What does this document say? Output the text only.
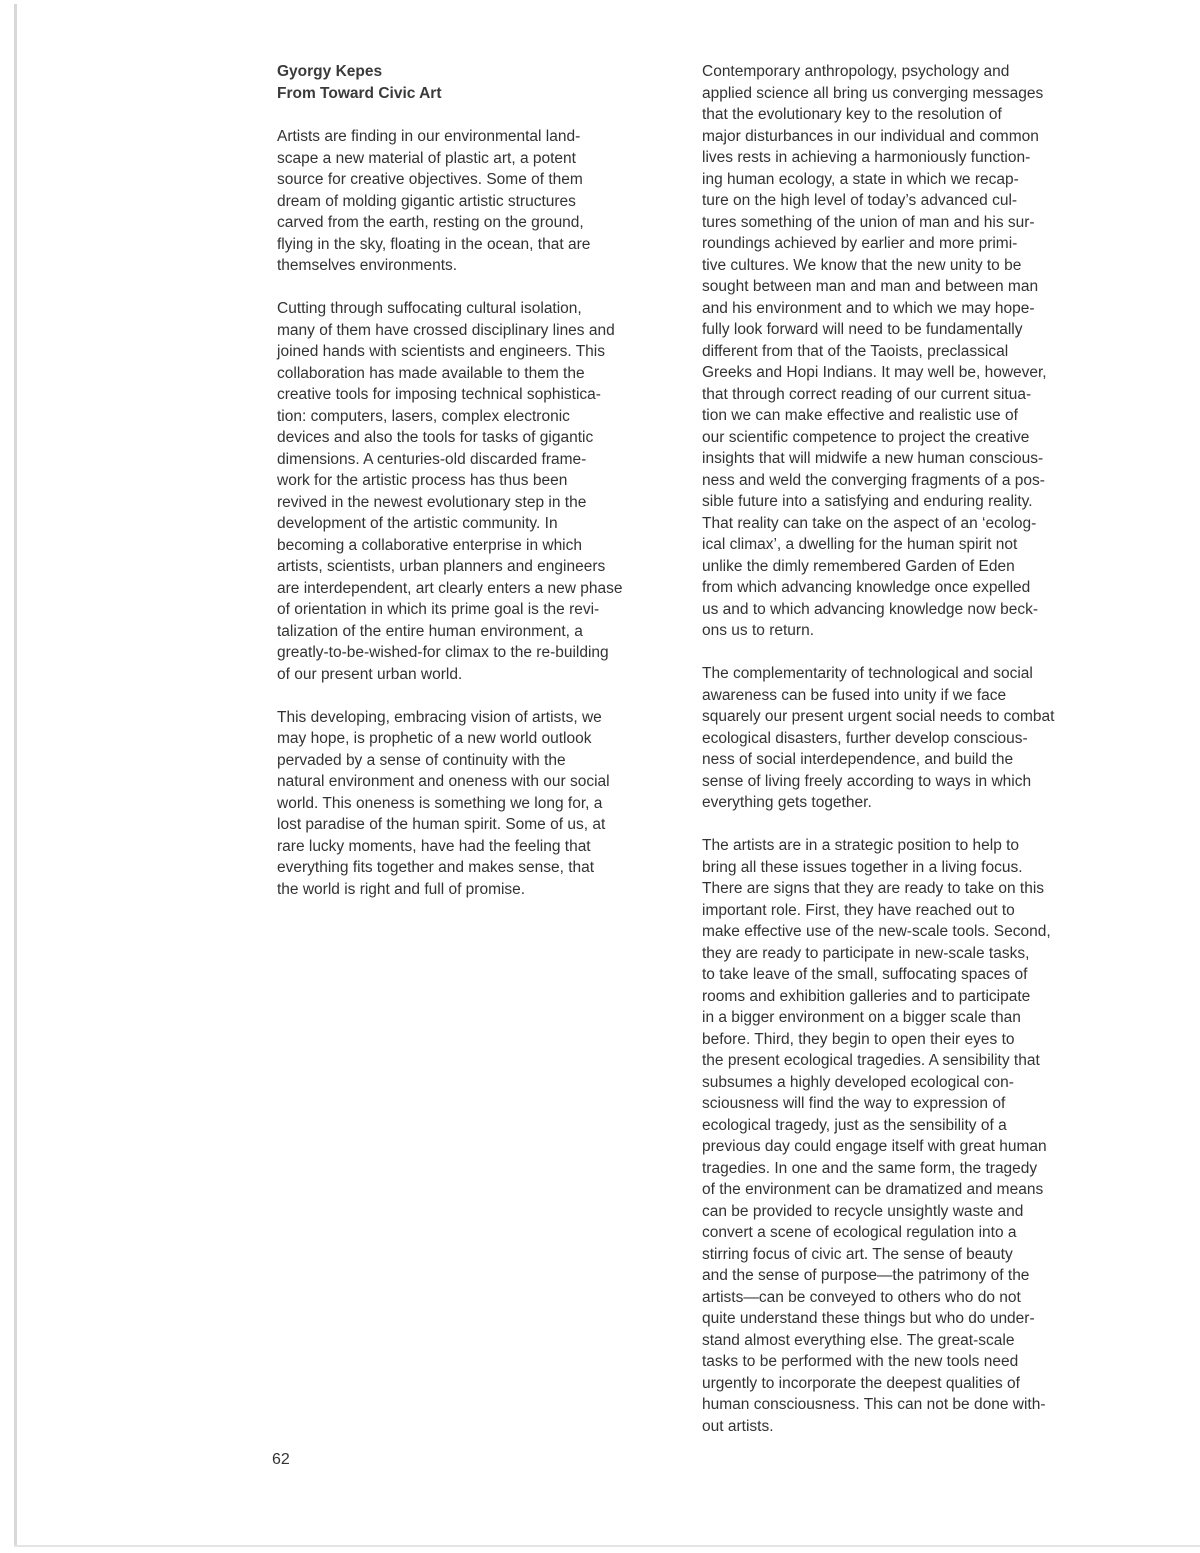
Gyorgy Kepes

From Toward Civic Art

Artists are finding in our environmental land-
scape a new material of plastic art, a potent
source for creative objectives. Some of them
dream of molding gigantic artistic structures
carved from the earth, resting on the ground,
flying in the sky, floating in the ocean, that are
themselves environments.

Cutting through suffocating cultural isolation,
many of them have crossed disciplinary lines and
joined hands with scientists and engineers. This
collaboration has made available to them the
creative tools for imposing technical sophistica-
tion: computers, lasers, complex electronic
devices and also the tools for tasks of gigantic
dimensions. A centuries-old discarded frame-
work for the artistic process has thus been
revived in the newest evolutionary step in the
development of the artistic community. In
becoming a collaborative enterprise in which
artists, scientists, urban planners and engineers
are interdependent, art clearly enters a new phase
of orientation in which its prime goal is the revi-
talization of the entire human environment, a
greatly-to-be-wished-for climax to the re-building
of our present urban world.

This developing, embracing vision of artists, we
may hope, is prophetic of a new world outlook
pervaded by a sense of continuity with the
natural environment and oneness with our social
world. This oneness is something we long for, a
lost paradise of the human spirit. Some of us, at
rare lucky moments, have had the feeling that
everything fits together and makes sense, that
the world is right and full of promise.

Contemporary anthropology, psychology and
applied science all bring us converging messages
that the evolutionary key to the resolution of
major disturbances in our individual and common
lives rests in achieving a harmoniously function-
ing human ecology, a state in which we recap-
ture on the high level of today’s advanced cul-
tures something of the union of man and his sur-
roundings achieved by earlier and more primi-
tive cultures. We know that the new unity to be
sought between man and man and between man
and his environment and to which we may hope-
fully look forward will need to be fundamentally
different from that of the Taoists, preclassical
Greeks and Hopi Indians. It may well be, however,
that through correct reading of our current situa-
tion we can make effective and realistic use of
our scientific competence to project the creative
insights that will midwife a new human conscious-
ness and weld the converging fragments of a pos-
sible future into a satisfying and enduring reality.
That reality can take on the aspect of an ‘ecolog-
ical climax’, a dwelling for the human spirit not
unlike the dimly remembered Garden of Eden
from which advancing knowledge once expelled
us and to which advancing knowledge now beck-
ons us to return.

The complementarity of technological and social
awareness can be fused into unity if we face
squarely our present urgent social needs to combat
ecological disasters, further develop conscious-
ness of social interdependence, and build the
sense of living freely according to ways in which
everything gets together.

The artists are in a strategic position to help to
bring all these issues together in a living focus.
There are signs that they are ready to take on this
important role. First, they have reached out to
make effective use of the new-scale tools. Second,
they are ready to participate in new-scale tasks,
to take leave of the small, suffocating spaces of
rooms and exhibition galleries and to participate
in a bigger environment on a bigger scale than
before. Third, they begin to open their eyes to
the present ecological tragedies. A sensibility that
subsumes a highly developed ecological con-
sciousness will find the way to expression of
ecological tragedy, just as the sensibility of a
previous day could engage itself with great human
tragedies. In one and the same form, the tragedy
of the environment can be dramatized and means
can be provided to recycle unsightly waste and
convert a scene of ecological regulation into a
stirring focus of civic art. The sense of beauty
and the sense of purpose—the patrimony of the
artists—can be conveyed to others who do not
quite understand these things but who do under-
stand almost everything else. The great-scale
tasks to be performed with the new tools need
urgently to incorporate the deepest qualities of
human consciousness. This can not be done with-
out artists.

62
